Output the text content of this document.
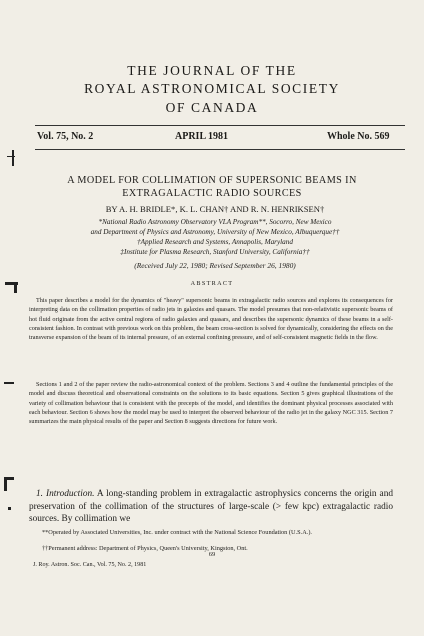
THE JOURNAL OF THE
ROYAL ASTRONOMICAL SOCIETY
OF CANADA
Vol. 75, No. 2	APRIL 1981	Whole No. 569
A MODEL FOR COLLIMATION OF SUPERSONIC BEAMS IN
EXTRAGALACTIC RADIO SOURCES
BY A. H. BRIDLE*, K. L. CHAN† AND R. N. HENRIKSEN†
*National Radio Astronomy Observatory VLA Program**, Socorro, New Mexico
and Department of Physics and Astronomy, University of New Mexico, Albuquerque††
†Applied Research and Systems, Annapolis, Maryland
‡Institute for Plasma Research, Stanford University, California††
(Received July 22, 1980; Revised September 26, 1980)
ABSTRACT

This paper describes a model for the dynamics of "heavy" supersonic beams in extragalactic radio sources and explores its consequences for interpreting data on the collimation properties of radio jets in galaxies and quasars. The model presumes that non-relativistic supersonic beams of hot fluid originate from the active central regions of radio galaxies and quasars, and describes the supersonic dynamics of these beams in a self-consistent fashion. In contrast with previous work on this problem, the beam cross-section is solved for dynamically, considering the effects on the transverse expansion of the beam of its internal pressure, of an external confining pressure, and of self-consistent magnetic fields in the flow.

Sections 1 and 2 of the paper review the radio-astronomical context of the problem. Sections 3 and 4 outline the fundamental principles of the model and discuss theoretical and observational constraints on the solutions to its basic equations. Section 5 gives graphical illustrations of the variety of collimation behaviour that is consistent with the precepts of the model, and identifies the dominant physical processes associated with each behaviour. Section 6 shows how the model may be used to interpret the observed behaviour of the radio jet in the galaxy NGC 315. Section 7 summarizes the main physical results of the paper and Section 8 suggests directions for future work.

1. Introduction. A long-standing problem in extragalactic astrophysics concerns the origin and preservation of the collimation of the structures of large-scale (> few kpc) extragalactic radio sources. By collimation we

**Operated by Associated Universities, Inc. under contract with the National Science Foundation (U.S.A.).

††Permanent address: Department of Physics, Queen's University, Kingston, Ont.

69
J. Roy. Astron. Soc. Can., Vol. 75, No. 2, 1981
